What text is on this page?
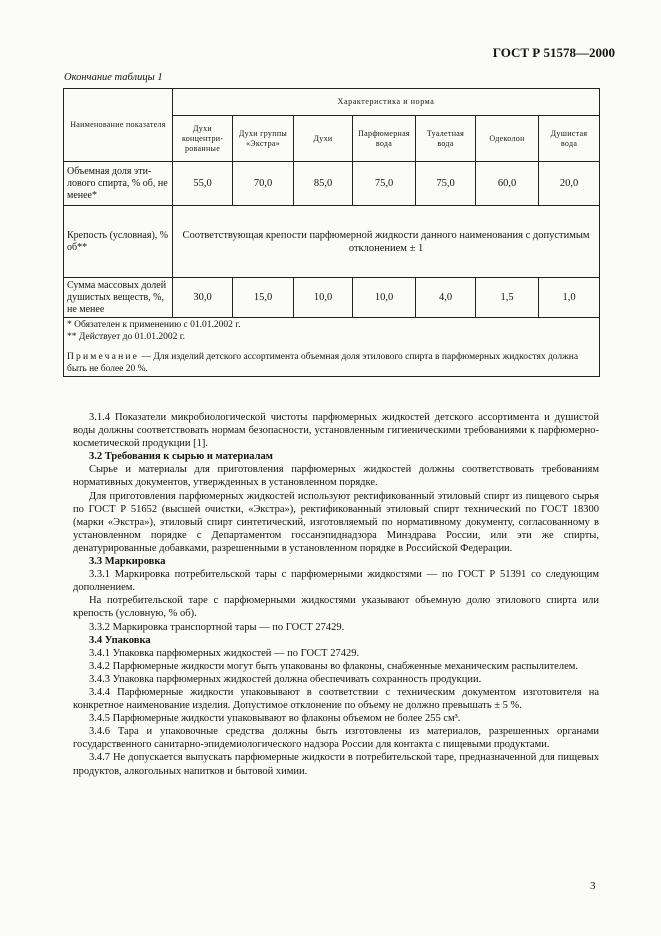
ГОСТ Р 51578—2000
Окончание таблицы 1
Наименование показателя	Характеристика и норма						
	Духи концентрированные	Духи группы «Экстра»	Духи	Парфюмерная вода	Туалетная вода	Одеколон	Душистая вода
Объемная доля этилового спирта, % об, не менее*	55,0	70,0	85,0	75,0	75,0	60,0	20,0
Крепость (условная), % об**	Соответствующая крепости парфюмерной жидкости данного наименования с допустимым отклонением ± 1						
Сумма массовых долей душистых веществ, %, не менее	30,0	15,0	10,0	10,0	4,0	1,5	1,0

* Обязателен к применению с 01.01.2002 г.
** Действует до 01.01.2002 г.
Примечание — Для изделий детского ассортимента объемная доля этилового спирта в парфюмерных жидкостях должна быть не более 20 %.							

3.1.4 Показатели микробиологической чистоты парфюмерных жидкостей детского ассортимента и душистой воды должны соответствовать нормам безопасности, установленным гигиеническими требованиями к парфюмерно-косметической продукции [1].

3.2 Требования к сырью и материалам

Сырье и материалы для приготовления парфюмерных жидкостей должны соответствовать требованиям нормативных документов, утвержденных в установленном порядке.

Для приготовления парфюмерных жидкостей используют ректификованный этиловый спирт из пищевого сырья по ГОСТ Р 51652 (высшей очистки, «Экстра»), ректификованный этиловый спирт технический по ГОСТ 18300 (марки «Экстра»), этиловый спирт синтетический, изготовляемый по нормативному документу, согласованному в установленном порядке с Департаментом госсанэпиднадзора Минздрава России, или эти же спирты, денатурированные добавками, разрешенными в установленном порядке в Российской Федерации.

3.3 Маркировка

3.3.1 Маркировка потребительской тары с парфюмерными жидкостями — по ГОСТ Р 51391 со следующим дополнением.

На потребительской таре с парфюмерными жидкостями указывают объемную долю этилового спирта или крепость (условную, % об).

3.3.2 Маркировка транспортной тары — по ГОСТ 27429.

3.4 Упаковка

3.4.1 Упаковка парфюмерных жидкостей — по ГОСТ 27429.

3.4.2 Парфюмерные жидкости могут быть упакованы во флаконы, снабженные механическим распылителем.

3.4.3 Упаковка парфюмерных жидкостей должна обеспечивать сохранность продукции.

3.4.4 Парфюмерные жидкости упаковывают в соответствии с техническим документом изготовителя на конкретное наименование изделия. Допустимое отклонение по объему не должно превышать ± 5 %.

3.4.5 Парфюмерные жидкости упаковывают во флаконы объемом не более 255 см³.

3.4.6 Тара и упаковочные средства должны быть изготовлены из материалов, разрешенных органами государственного санитарно-эпидемиологического надзора России для контакта с пищевыми продуктами.

3.4.7 Не допускается выпускать парфюмерные жидкости в потребительской таре, предназначенной для пищевых продуктов, алкогольных напитков и бытовой химии.

3
